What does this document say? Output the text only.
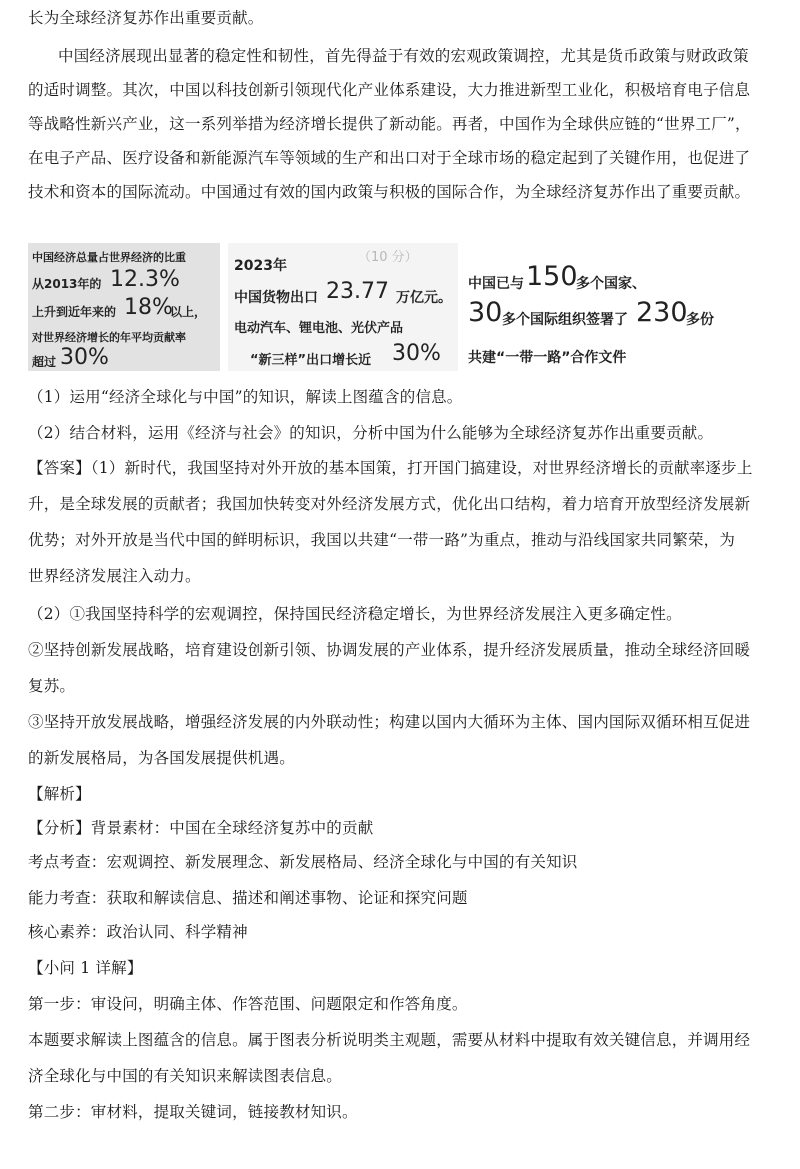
长为全球经济复苏作出重要贡献。
中国经济展现出显著的稳定性和韧性，首先得益于有效的宏观政策调控，尤其是货币政策与财政政策
的适时调整。其次，中国以科技创新引领现代化产业体系建设，大力推进新型工业化，积极培育电子信息
等战略性新兴产业，这一系列举措为经济增长提供了新动能。再者，中国作为全球供应链的“世界工厂”，
在电子产品、医疗设备和新能源汽车等领域的生产和出口对于全球市场的稳定起到了关键作用，也促进了
技术和资本的国际流动。中国通过有效的国内政策与积极的国际合作，为全球经济复苏作出了重要贡献。
中国经济总量占世界经济的比重
从2013年的 12.3%
上升到近年来的 18%
以上，
对世界经济增长的年平均贡献率
超过 30%
（10 分）
2023年
中国货物出口 23.77 万亿元。
电动汽车、锂电池、光伏产品
“新三样”出口增长近 30%
中国已与 150
多个国家、
30 多个国际组织签署了 230
多份
共建“一带一路”合作文件
（1）运用“经济全球化与中国”的知识，解读上图蕴含的信息。
（2）结合材料，运用《经济与社会》的知识，分析中国为什么能够为全球经济复苏作出重要贡献。
【答案】（1）新时代，我国坚持对外开放的基本国策，打开国门搞建设，对世界经济增长的贡献率逐步上
升，是全球发展的贡献者；我国加快转变对外经济发展方式，优化出口结构，着力培育开放型经济发展新
优势；对外开放是当代中国的鲜明标识，我国以共建“一带一路”为重点，推动与沿线国家共同繁荣，为
世界经济发展注入动力。
（2）①我国坚持科学的宏观调控，保持国民经济稳定增长，为世界经济发展注入更多确定性。
②坚持创新发展战略，培育建设创新引领、协调发展的产业体系，提升经济发展质量，推动全球经济回暖
复苏。
③坚持开放发展战略，增强经济发展的内外联动性；构建以国内大循环为主体、国内国际双循环相互促进
的新发展格局，为各国发展提供机遇。
【解析】
【分析】背景素材：中国在全球经济复苏中的贡献
考点考查：宏观调控、新发展理念、新发展格局、经济全球化与中国的有关知识
能力考查：获取和解读信息、描述和阐述事物、论证和探究问题
核心素养：政治认同、科学精神
【小问 1 详解】
第一步：审设问，明确主体、作答范围、问题限定和作答角度。
本题要求解读上图蕴含的信息。属于图表分析说明类主观题，需要从材料中提取有效关键信息，并调用经
济全球化与中国的有关知识来解读图表信息。
第二步：审材料，提取关键词，链接教材知识。
